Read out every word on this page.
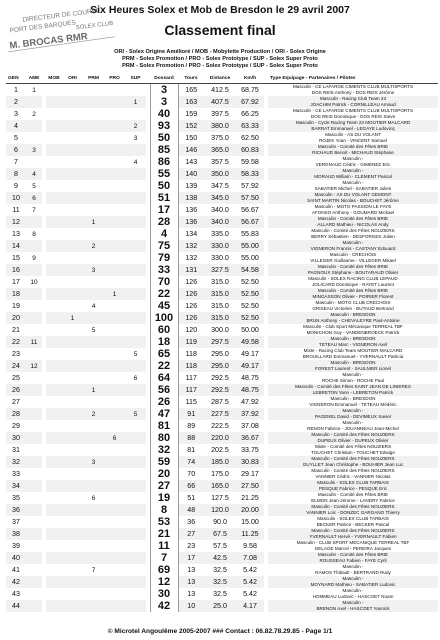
Six Heures Solex et Mob de Bresdon le 29 avril 2007
DIRECTEUR DE COURSE
PORT DES BARQUES SOLEX CLUB
M. BROCAS RMR
Classement final
ORI - Solex Origine Amélioré / MOB - Mobylette Production / ORI - Solex Origine
PRM - Solex Promotion / PRO - Solex Prototype / SUP - Solex Super Proto
PRM - Solex Promotion / PRO - Solex Prototype / SUP - Solex Super Proto
GEN	AME		MOB	ORI	PRM	PRO	SUP		Dossard	Tours	Distance	Km/h		Type Equipage - Partenaires / Pilotes
1	1								3	165	412.5	68.75		Masculin - CE LAFARGE CIMENTS CLUB MULTISPORTS
DOS REIS Anthony - DOS REIS Jérôme

2							1		3	163	407.5	67.92		Masculin - Racing Club Team 23
JOACHIM Patrick - CORNILLEAU Arnaud

3	2								40	159	397.5	66.25		Masculin - CE LAFARGE CIMENTS CLUB MULTISPORTS
DOS REIS Dominique - DOS REIS Steve

4							2		93	152	380.0	63.33		Masculin - Cycle Racing Team 23 MOUTIER MALCARD
BARRAT Emmanuel - LEGAYE Ludovicq

5							3		50	150	375.0	62.50		Masculin - AS DU VOLANT
ROJEK Yoan - VINCENT Samuel

6	3								85	146	365.0	60.83		Masculin - Comité des Fêtes BRIE
RICHAUD Benoit - MICHAUD Stéphane

7							4		86	143	357.5	59.58		Masculin -
VERGNAUD Cédric - GIMENEZ Eric

8	4								55	140	350.0	58.33		Masculin -
MORAUD William - CLEMENT Pascal

9	5								50	139	347.5	57.92		Masculin -
SABATIER Michel - SABATIER Julien

10	6								51	138	345.0	57.50		Masculin - AS DU VOLANT GEMONT
SAINT MARTIN Nicolas - BOUCHET Jérôme

11	7								17	136	340.0	56.67		Masculin - MOTO PASSION LE FAYE
AFONSO Anthony - GOUMARD Mickael

12					1				28	136	340.0	56.67		Masculin - Comité des Fêtes BRIE
ALLARD Mathieu - NICOLAS Andy

13	8								4	134	335.0	55.83		Masculin - Comité des Fêtes NOUZIERS
BERRY Sébastien - DESFORGES Julien

14					2				75	132	330.0	55.00		Masculin -
VIGNERON Francis - CASTANY Edouard

15	9								79	132	330.0	55.00		Masculin - CRECHOIS
VILLEGER Guillaume - VILLEGER Mikael

16					3				33	131	327.5	54.58		Masculin - Comité des Fêtes BRIE
PAGNOUX Stéphane - BOUTARAUD Olivier

17	10								70	126	315.0	52.50		Masculin - SOLEX RACING CLUB LEPAUD
JOLICARD Dominique - RAYET Laurent

18						1			22	126	315.0	52.50		Masculin - Comité des Fêtes BRIE
MINGASSON Olivier - POIRIER Florent

19					4				45	126	315.0	52.50		Masculin - MOTO CLUB CRECHOIS
GRISEAU Victorien - BUTAUD Bertrand

20				1					100	126	315.0	52.50		Masculin - BRESDON
BRUN Anthony - CHEVALEYRE Paul-Antoine

21					5				60	120	300.0	50.00		Masculin - Club Sport Mécanique TERREAL TBF
MONICHON Guy - VANDENBROECK Patrick

22	11								18	119	297.5	49.58		Masculin - BRESDON
TETEAU Marc - VIGNERON Axel

23							5		65	118	295.0	49.17		Mixte - Racing Club Team MOUTIER MALCARD
BROUILLARD Emmanuel - YVERNAULT Patricia

24	12								22	118	295.0	49.17		Masculin - BRESDON
FOREST Laurent - SAULNIER Lionel

25							6		64	117	292.5	48.75		Masculin -
ROCHE Simon - ROCHE Paul

26					1				56	117	292.5	48.75		Masculin - Comité des Fêtes SAINT JEAN DE LINIERES
LEBRETON Yann - LEBRETON Patrick

27									26	115	287.5	47.92		Masculin - BRESDON
VIGNERON Emmanuel - TETEAU Médéric

28					2		5		47	91	227.5	37.92		Masculin -
PAGENEL David - DEVIMEUX Xavier

29									81	89	222.5	37.08		Masculin -
RENON Fabrice - JOUANNEAU Jean-Michel

30						6			80	88	220.0	36.67		Masculin - Comité des Fêtes NOUZIERS
DUPEUX Olivier - DUPEUX Olivier

31									32	81	202.5	33.75		Mixte - Comité des Fêtes NOUZIERS
TOUCHET Christian - TOUCHET Edwige

32					3				59	74	185.0	30.83		Masculin - Comité des Fêtes NOUZIERS
GUYLLET Jean Christophe - BOUHIER Jean Luc

33									20	70	175.0	29.17		Masculin - Comité des Fêtes NOUZIERS
VANNIER Cédric - VANNIER Nicolas

34									27	66	165.0	27.50		Masculin - SOLEX CLUB TARBAIS
PESQUE Fabrice - PESQUE Eric

35					6				19	51	127.5	21.25		Masculin - Comité des Fêtes BRIE
ELMON Jean-Jérome - LANDRY Fabrice

36									8	48	120.0	20.00		Masculin - Comité des Fêtes NOUZIERS
VANNIER Loic - DONZEC GARGANO Thierry

37									53	36	90.0	15.00		Masculin - SOLEX CLUB TARBAIS
BECKER Patrice - BECKER Pascal

38									21	27	67.5	11.25		Masculin - Comité des Fêtes NOUZIERS
YVERNAULT Hervé - YVERNAULT Fabien

39									11	23	57.5	9.58		Masculin - CLUB SPORT MECANIQUE TERREAL TBF
DELAGE Marcel - PEREIRA Jacques

40									7	17	42.5	7.08		Masculin - Comité des Fêtes BRIE
ROUSSEAU Fabien - FAYE Cyril

41					7				69	13	32.5	5.42		Masculin -
RAMOS Thibault - BERTRAND Rudy

42									12	13	32.5	5.42		Masculin -
MOYNARD Mathieu - SABATIER Ludovic

43									30	13	32.5	5.42		Masculin -
HOMMEAU Ludovic - HASCOET Noam

44									42	10	25.0	4.17		Masculin -
BRENON Axel - HASCOET Yannick
© Microtel Angoulême 2005-2007 ### Contact : 06.82.78.29.85 - Page 1/1
